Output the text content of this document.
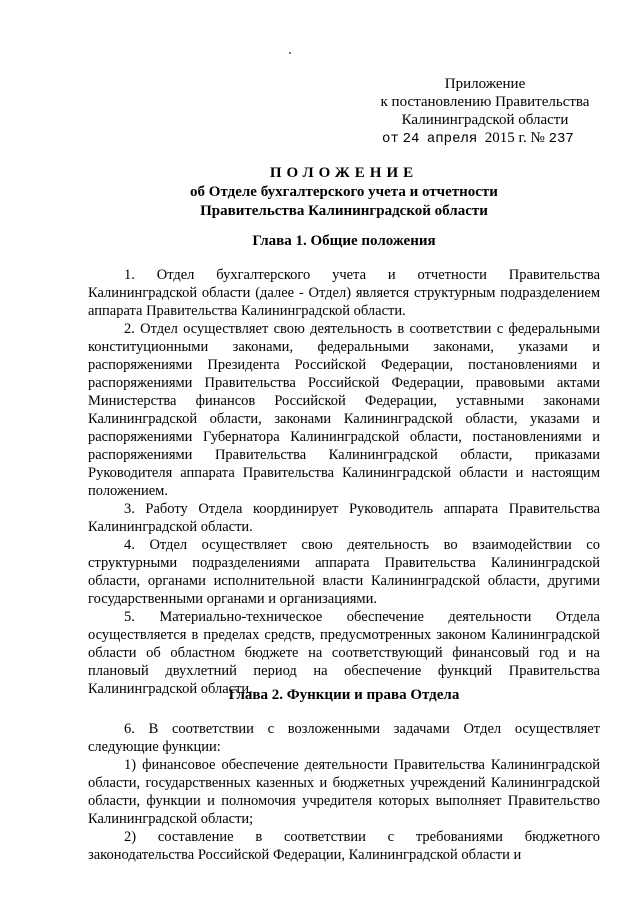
Приложение
к постановлению Правительства
Калининградской области
от 24 апреля 2015 г. № 237
ПОЛОЖЕНИЕ
об Отделе бухгалтерского учета и отчетности
Правительства Калининградской области
Глава 1. Общие положения

1. Отдел бухгалтерского учета и отчетности Правительства Калининградской области (далее - Отдел) является структурным подразделением аппарата Правительства Калининградской области.

2. Отдел осуществляет свою деятельность в соответствии с федеральными конституционными законами, федеральными законами, указами и распоряжениями Президента Российской Федерации, постановлениями и распоряжениями Правительства Российской Федерации, правовыми актами Министерства финансов Российской Федерации, уставными законами Калининградской области, законами Калининградской области, указами и распоряжениями Губернатора Калининградской области, постановлениями и распоряжениями Правительства Калининградской области, приказами Руководителя аппарата Правительства Калининградской области и настоящим положением.

3. Работу Отдела координирует Руководитель аппарата Правительства Калининградской области.

4. Отдел осуществляет свою деятельность во взаимодействии со структурными подразделениями аппарата Правительства Калининградской области, органами исполнительной власти Калининградской области, другими государственными органами и организациями.

5. Материально-техническое обеспечение деятельности Отдела осуществляется в пределах средств, предусмотренных законом Калининградской области об областном бюджете на соответствующий финансовый год и на плановый двухлетний период на обеспечение функций Правительства Калининградской области.

Глава 2. Функции и права Отдела

6. В соответствии с возложенными задачами Отдел осуществляет следующие функции:

1) финансовое обеспечение деятельности Правительства Калининградской области, государственных казенных и бюджетных учреждений Калининградской области, функции и полномочия учредителя которых выполняет Правительство Калининградской области;

2) составление в соответствии с требованиями бюджетного законодательства Российской Федерации, Калининградской области и
